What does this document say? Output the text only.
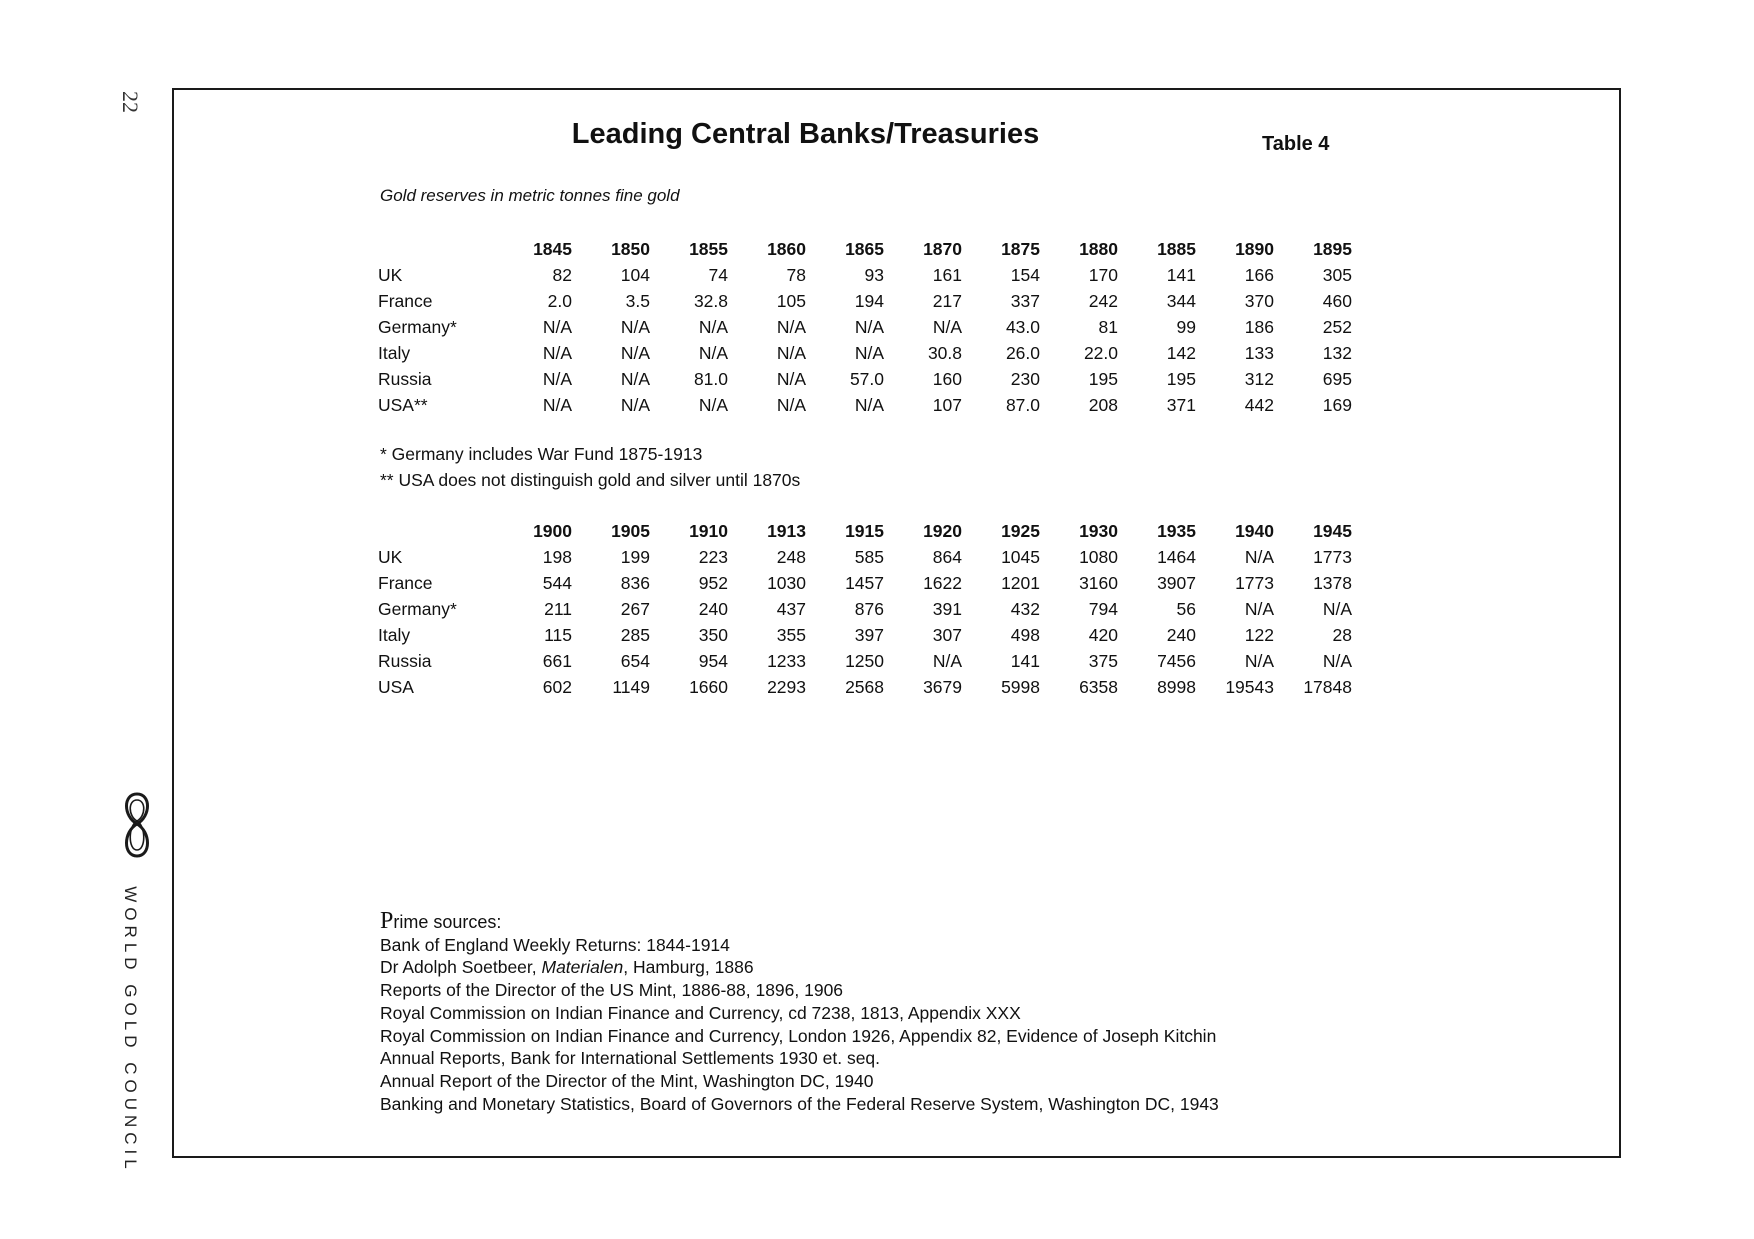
22
WORLD GOLD COUNCIL
Leading Central Banks/Treasuries	Table 4
Gold reserves in metric tonnes fine gold
	1845	1850	1855	1860	1865	1870	1875	1880	1885	1890	1895
UK	82	104	74	78	93	161	154	170	141	166	305
France	2.0	3.5	32.8	105	194	217	337	242	344	370	460
Germany*	N/A	N/A	N/A	N/A	N/A	N/A	43.0	81	99	186	252
Italy	N/A	N/A	N/A	N/A	N/A	30.8	26.0	22.0	142	133	132
Russia	N/A	N/A	81.0	N/A	57.0	160	230	195	195	312	695
USA**	N/A	N/A	N/A	N/A	N/A	107	87.0	208	371	442	169
* Germany includes War Fund 1875-1913
** USA does not distinguish gold and silver until 1870s
	1900	1905	1910	1913	1915	1920	1925	1930	1935	1940	1945
UK	198	199	223	248	585	864	1045	1080	1464	N/A	1773
France	544	836	952	1030	1457	1622	1201	3160	3907	1773	1378
Germany*	211	267	240	437	876	391	432	794	56	N/A	N/A
Italy	115	285	350	355	397	307	498	420	240	122	28
Russia	661	654	954	1233	1250	N/A	141	375	7456	N/A	N/A
USA	602	1149	1660	2293	2568	3679	5998	6358	8998	19543	17848
Prime sources:
Bank of England Weekly Returns: 1844-1914
Dr Adolph Soetbeer, Materialen, Hamburg, 1886
Reports of the Director of the US Mint, 1886-88, 1896, 1906
Royal Commission on Indian Finance and Currency, cd 7238, 1813, Appendix XXX
Royal Commission on Indian Finance and Currency, London 1926, Appendix 82, Evidence of Joseph Kitchin
Annual Reports, Bank for International Settlements 1930 et. seq.
Annual Report of the Director of the Mint, Washington DC, 1940
Banking and Monetary Statistics, Board of Governors of the Federal Reserve System, Washington DC, 1943
